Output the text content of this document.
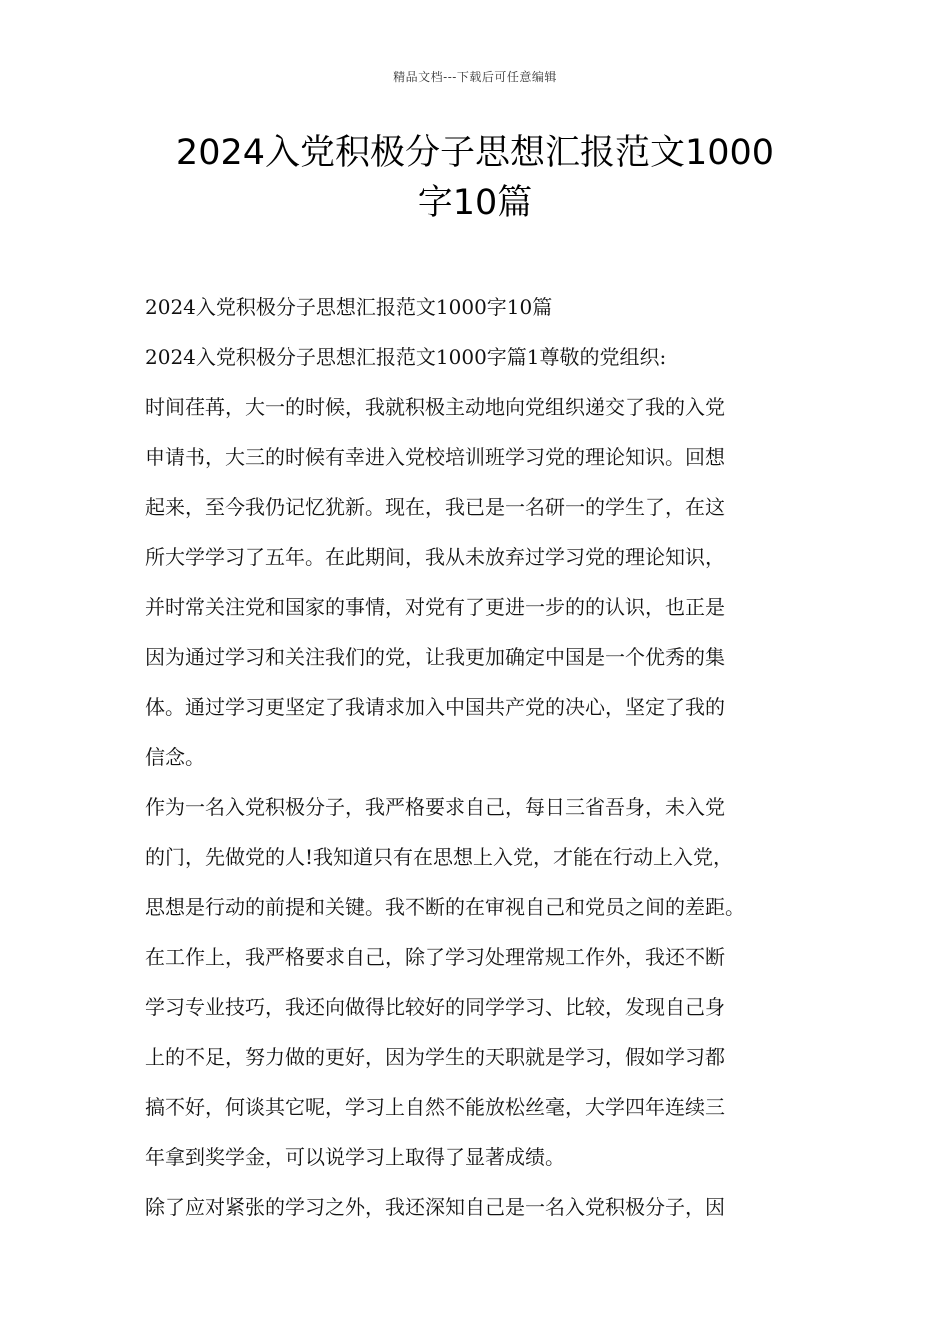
精品文档---下载后可任意编辑
2024入党积极分子思想汇报范文1000
字10篇

2024入党积极分子思想汇报范文1000字10篇
2024入党积极分子思想汇报范文1000字篇1尊敬的党组织:
时间荏苒，大一的时候，我就积极主动地向党组织递交了我的入党
申请书，大三的时候有幸进入党校培训班学习党的理论知识。回想
起来，至今我仍记忆犹新。现在，我已是一名研一的学生了，在这
所大学学习了五年。在此期间，我从未放弃过学习党的理论知识，
并时常关注党和国家的事情，对党有了更进一步的的认识，也正是
因为通过学习和关注我们的党，让我更加确定中国是一个优秀的集
体。通过学习更坚定了我请求加入中国共产党的决心，坚定了我的
信念。
作为一名入党积极分子，我严格要求自己，每日三省吾身，未入党
的门，先做党的人!我知道只有在思想上入党，才能在行动上入党，
思想是行动的前提和关键。我不断的在审视自己和党员之间的差距。
在工作上，我严格要求自己，除了学习处理常规工作外，我还不断
学习专业技巧，我还向做得比较好的同学学习、比较，发现自己身
上的不足，努力做的更好，因为学生的天职就是学习，假如学习都
搞不好，何谈其它呢，学习上自然不能放松丝毫，大学四年连续三
年拿到奖学金，可以说学习上取得了显著成绩。
除了应对紧张的学习之外，我还深知自己是一名入党积极分子，因
